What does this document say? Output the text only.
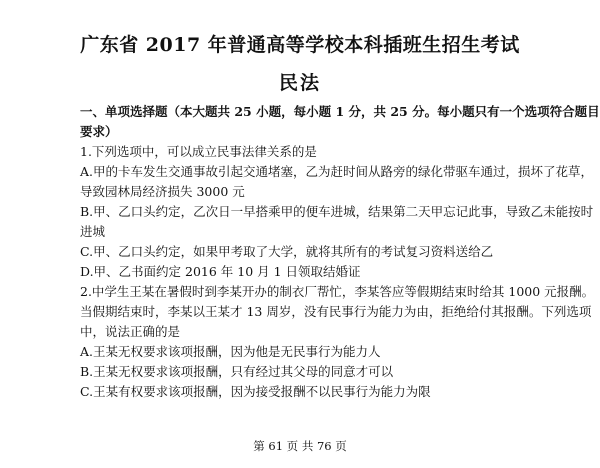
广东省 2017 年普通高等学校本科插班生招生考试
民法
一、单项选择题（本大题共 25 小题，每小题 1 分，共 25 分。每小题只有一个选项符合题目
要求）
1.下列选项中，可以成立民事法律关系的是
A.甲的卡车发生交通事故引起交通堵塞，乙为赶时间从路旁的绿化带驱车通过，损坏了花草，
导致园林局经济损失 3000 元
B.甲、乙口头约定，乙次日一早搭乘甲的便车进城，结果第二天甲忘记此事，导致乙未能按时
进城
C.甲、乙口头约定，如果甲考取了大学，就将其所有的考试复习资料送给乙
D.甲、乙书面约定 2016 年 10 月 1 日领取结婚证
2.中学生王某在暑假时到李某开办的制衣厂帮忙，李某答应等假期结束时给其 1000 元报酬。
当假期结束时，李某以王某才 13 周岁，没有民事行为能力为由，拒绝给付其报酬。下列选项
中，说法正确的是
A.王某无权要求该项报酬，因为他是无民事行为能力人
B.王某无权要求该项报酬，只有经过其父母的同意才可以
C.王某有权要求该项报酬，因为接受报酬不以民事行为能力为限
第 61 页 共 76 页
